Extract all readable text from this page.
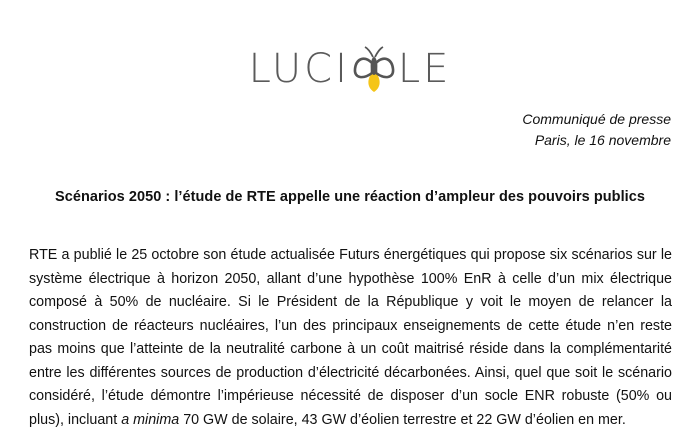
LUCI LE
Communiqué de presse
Paris, le 16 novembre
Scénarios 2050 : l’étude de RTE appelle une réaction d’ampleur des pouvoirs publics

RTE a publié le 25 octobre son étude actualisée Futurs énergétiques qui propose six scénarios sur le système électrique à horizon 2050, allant d’une hypothèse 100% EnR à celle d’un mix électrique composé à 50% de nucléaire. Si le Président de la République y voit le moyen de relancer la construction de réacteurs nucléaires, l’un des principaux enseignements de cette étude n’en reste pas moins que l’atteinte de la neutralité carbone à un coût maitrisé réside dans la complémentarité entre les différentes sources de production d’électricité décarbonées. Ainsi, quel que soit le scénario considéré, l’étude démontre l’impérieuse nécessité de disposer d’un socle ENR robuste (50% ou plus), incluant a minima 70 GW de solaire, 43 GW d’éolien terrestre et 22 GW d’éolien en mer.
